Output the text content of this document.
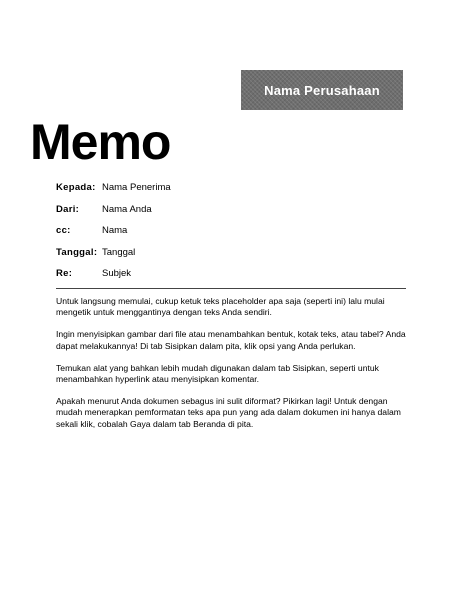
Nama Perusahaan
Memo
Kepada: Nama Penerima
Dari:	Nama Anda
cc:	Nama
Tanggal: Tanggal
Re:	Subjek

Untuk langsung memulai, cukup ketuk teks placeholder apa saja (seperti ini) lalu mulai mengetik untuk menggantinya dengan teks Anda sendiri.

Ingin menyisipkan gambar dari file atau menambahkan bentuk, kotak teks, atau tabel? Anda dapat melakukannya! Di tab Sisipkan dalam pita, klik opsi yang Anda perlukan.

Temukan alat yang bahkan lebih mudah digunakan dalam tab Sisipkan, seperti untuk menambahkan hyperlink atau menyisipkan komentar.

Apakah menurut Anda dokumen sebagus ini sulit diformat? Pikirkan lagi! Untuk dengan mudah menerapkan pemformatan teks apa pun yang ada dalam dokumen ini hanya dalam sekali klik, cobalah Gaya dalam tab Beranda di pita.
